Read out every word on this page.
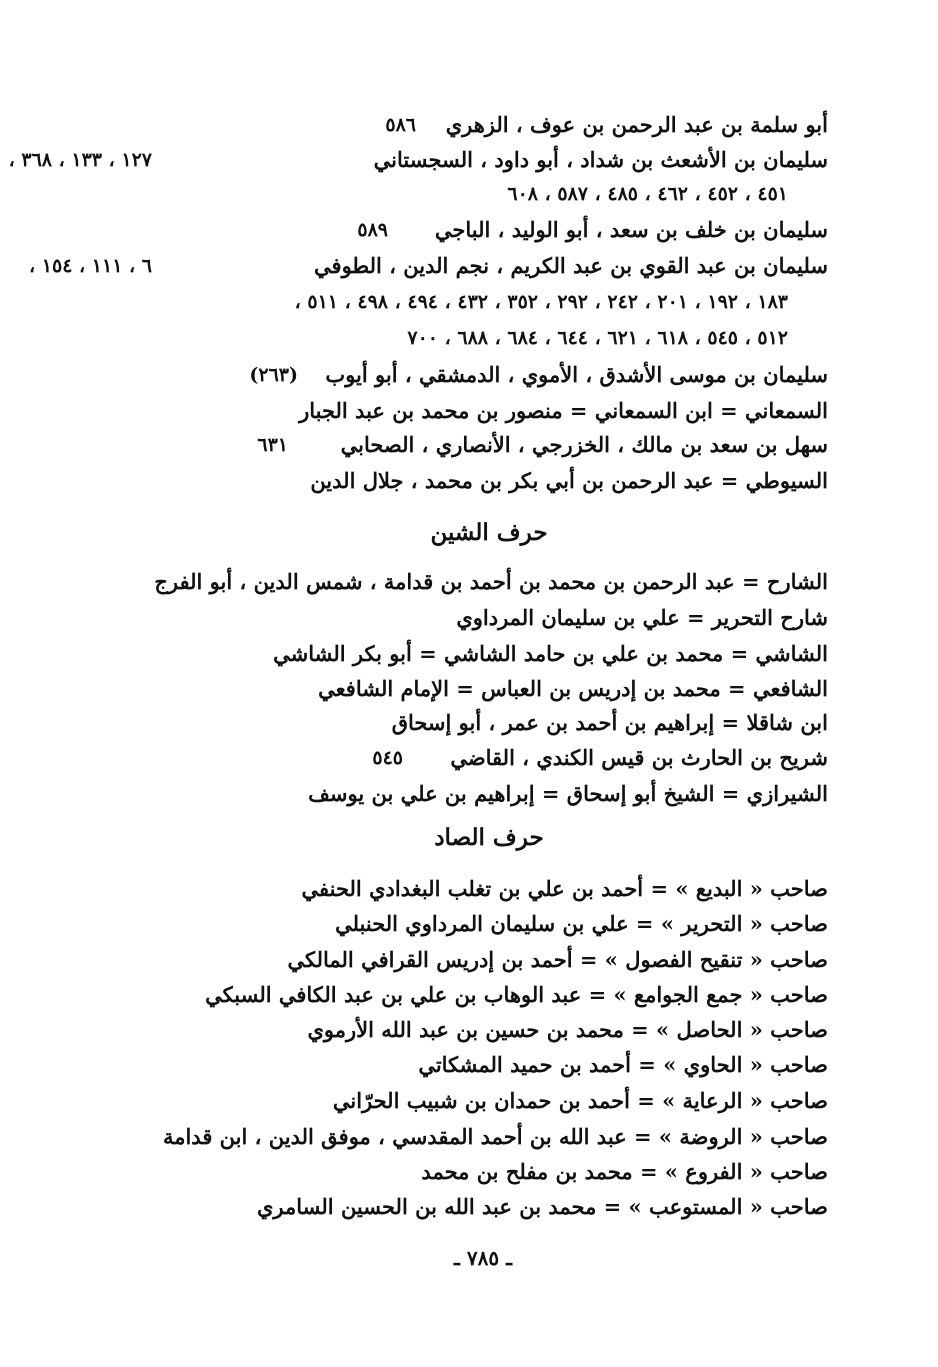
أبو سلمة بن عبد الرحمن بن عوف ، الزهري
٥٨٦
سليمان بن الأشعث بن شداد ، أبو داود ، السجستاني
١٢٧ ، ١٣٣ ، ٣٦٨ ،
٤٥١ ، ٤٥٢ ، ٤٦٢ ، ٤٨٥ ، ٥٨٧ ، ٦٠٨
سليمان بن خلف بن سعد ، أبو الوليد ، الباجي
٥٨٩
سليمان بن عبد القوي بن عبد الكريم ، نجم الدين ، الطوفي
٦ ، ١١١ ، ١٥٤ ،
١٨٣ ، ١٩٢ ، ٢٠١ ، ٢٤٢ ، ٢٩٢ ، ٣٥٢ ، ٤٣٢ ، ٤٩٤ ، ٤٩٨ ، ٥١١ ،
٥١٢ ، ٥٤٥ ، ٦١٨ ، ٦٢١ ، ٦٤٤ ، ٦٨٤ ، ٦٨٨ ، ٧٠٠
سليمان بن موسى الأشدق ، الأموي ، الدمشقي ، أبو أيوب
(٢٦٣)
السمعاني = ابن السمعاني = منصور بن محمد بن عبد الجبار
سهل بن سعد بن مالك ، الخزرجي ، الأنصاري ، الصحابي
٦٣١
السيوطي = عبد الرحمن بن أبي بكر بن محمد ، جلال الدين
حرف الشين
الشارح = عبد الرحمن بن محمد بن أحمد بن قدامة ، شمس الدين ، أبو الفرج
شارح التحرير = علي بن سليمان المرداوي
الشاشي = محمد بن علي بن حامد الشاشي = أبو بكر الشاشي
الشافعي = محمد بن إدريس بن العباس = الإمام الشافعي
ابن شاقلا = إبراهيم بن أحمد بن عمر ، أبو إسحاق
شريح بن الحارث بن قيس الكندي ، القاضي
٥٤٥
الشيرازي = الشيخ أبو إسحاق = إبراهيم بن علي بن يوسف
حرف الصاد
صاحب « البديع » = أحمد بن علي بن تغلب البغدادي الحنفي
صاحب « التحرير » = علي بن سليمان المرداوي الحنبلي
صاحب « تنقيح الفصول » = أحمد بن إدريس القرافي المالكي
صاحب « جمع الجوامع » = عبد الوهاب بن علي بن عبد الكافي السبكي
صاحب « الحاصل » = محمد بن حسين بن عبد الله الأرموي
صاحب « الحاوي » = أحمد بن حميد المشكاتي
صاحب « الرعاية » = أحمد بن حمدان بن شبيب الحرّاني
صاحب « الروضة » = عبد الله بن أحمد المقدسي ، موفق الدين ، ابن قدامة
صاحب « الفروع » = محمد بن مفلح بن محمد
صاحب « المستوعب » = محمد بن عبد الله بن الحسين السامري
ـ ٧٨٥ ـ
